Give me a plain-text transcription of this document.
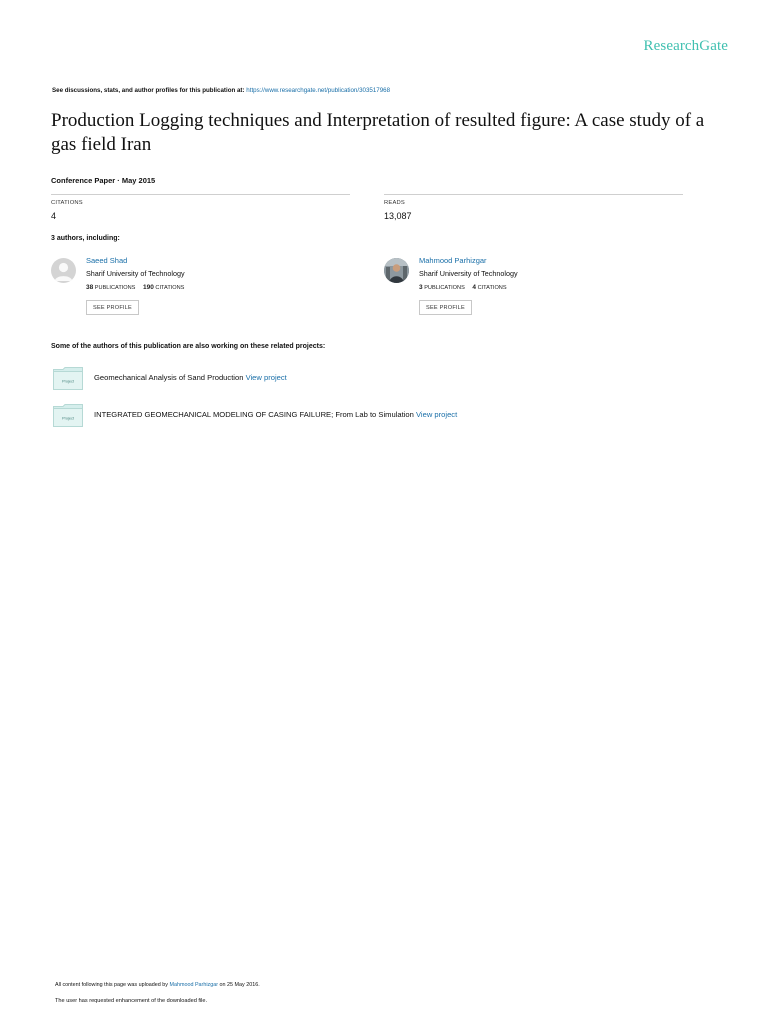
ResearchGate
See discussions, stats, and author profiles for this publication at: https://www.researchgate.net/publication/303517968
Production Logging techniques and Interpretation of resulted figure: A case study of a gas field Iran
Conference Paper · May 2015
CITATIONS
4
READS
13,087
3 authors, including:
Saeed Shad
Sharif University of Technology
38 PUBLICATIONS 190 CITATIONS
SEE PROFILE
Mahmood Parhizgar
Sharif University of Technology
3 PUBLICATIONS 4 CITATIONS
SEE PROFILE
Some of the authors of this publication are also working on these related projects:
Project	Geomechanical Analysis of Sand Production View project
Project	INTEGRATED GEOMECHANICAL MODELING OF CASING FAILURE; From Lab to Simulation View project
All content following this page was uploaded by Mahmood Parhizgar on 25 May 2016.
The user has requested enhancement of the downloaded file.
